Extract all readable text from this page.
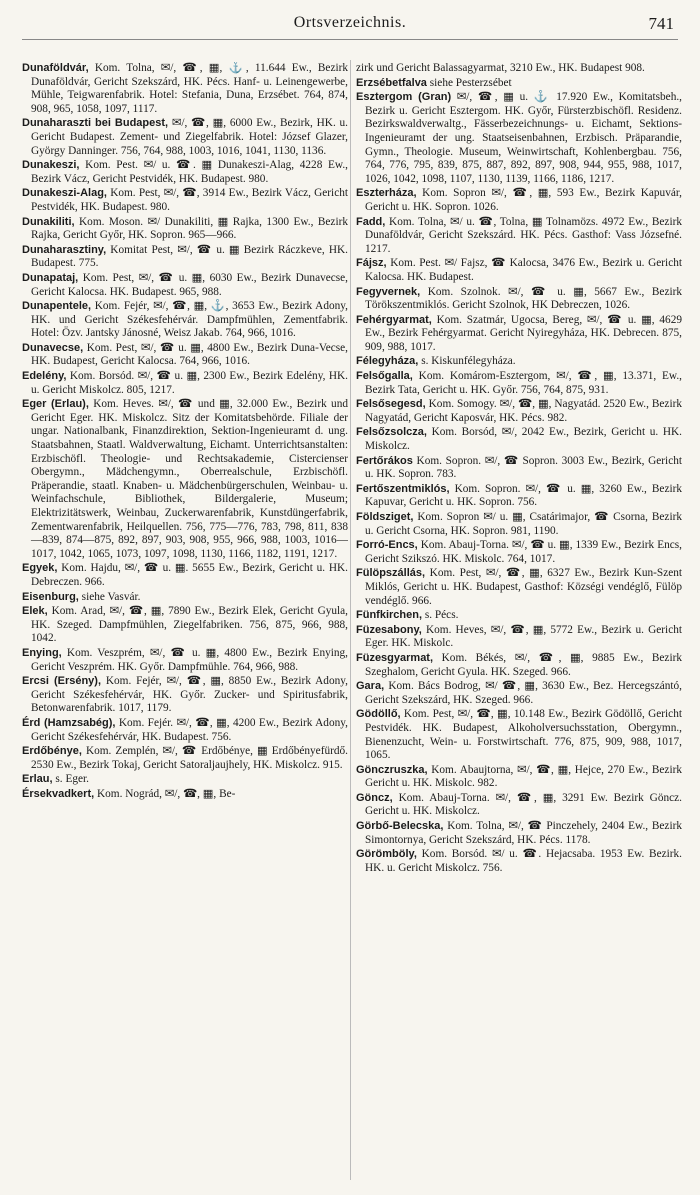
Ortsverzeichnis.	741

Dunaföldvár, Kom. Tolna, ✉/, ☎, ▦, ⚓, 11.644 Ew., Bezirk Dunaföldvár, Gericht Szekszárd, HK. Pécs. Hanf- u. Leinengewerbe, Mühle, Teigwarenfabrik. Hotel: Stefania, Duna, Erzsébet. 764, 874, 908, 965, 1058, 1097, 1117.

Dunaharaszti bei Budapest, ✉/, ☎, ▦, 6000 Ew., Bezirk, HK. u. Gericht Budapest. Zement- und Ziegelfabrik. Hotel: József Glazer, György Danninger. 756, 764, 988, 1003, 1016, 1041, 1130, 1136.

Dunakeszi, Kom. Pest. ✉/ u. ☎. ▦ Dunakeszi-Alag, 4228 Ew., Bezirk Vácz, Gericht Pestvidék, HK. Budapest. 980.

Dunakeszi-Alag, Kom. Pest, ✉/, ☎, 3914 Ew., Bezirk Vácz, Gericht Pestvidék, HK. Budapest. 980.

Dunakiliti, Kom. Moson. ✉/ Dunakiliti, ▦ Rajka, 1300 Ew., Bezirk Rajka, Gericht Győr, HK. Sopron. 965—966.

Dunaharasztiny, Komitat Pest, ✉/, ☎ u. ▦ Bezirk Ráczkeve, HK. Budapest. 775.

Dunapataj, Kom. Pest, ✉/, ☎ u. ▦, 6030 Ew., Bezirk Dunavecse, Gericht Kalocsa. HK. Budapest. 965, 988.

Dunapentele, Kom. Fejér, ✉/, ☎, ▦, ⚓, 3653 Ew., Bezirk Adony, HK. und Gericht Székesfehérvár. Dampfmühlen, Zementfabrik. Hotel: Özv. Jantsky Jánosné, Weisz Jakab. 764, 966, 1016.

Dunavecse, Kom. Pest, ✉/, ☎ u. ▦, 4800 Ew., Bezirk Duna-Vecse, HK. Budapest, Gericht Kalocsa. 764, 966, 1016.

Edelény, Kom. Borsód. ✉/, ☎ u. ▦, 2300 Ew., Bezirk Edelény, HK. u. Gericht Miskolcz. 805, 1217.

Eger (Erlau), Kom. Heves. ✉/, ☎ und ▦, 32.000 Ew., Bezirk und Gericht Eger. HK. Miskolcz. Sitz der Komitatsbehörde. Filiale der ungar. Nationalbank, Finanzdirektion, Sektion-Ingenieuramt d. ung. Staatsbahnen, Staatl. Waldverwaltung, Eichamt. Unterrichtsanstalten: Erzbischöfl. Theologie- und Rechtsakademie, Cistercienser Obergymn., Mädchengymn., Oberrealschule, Erzbischöfl. Präperandie, staatl. Knaben- u. Mädchenbürgerschulen, Weinbau- u. Weinfachschule, Bibliothek, Bildergalerie, Museum; Elektrizitätswerk, Weinbau, Zuckerwarenfabrik, Kunstdüngerfabrik, Zementwarenfabrik, Heilquellen. 756, 775—776, 783, 798, 811, 838—839, 874—875, 892, 897, 903, 908, 955, 966, 988, 1003, 1016—1017, 1042, 1065, 1073, 1097, 1098, 1130, 1166, 1182, 1191, 1217.

Egyek, Kom. Hajdu, ✉/, ☎ u. ▦. 5655 Ew., Bezirk, Gericht u. HK. Debreczen. 966.

Eisenburg, siehe Vasvár.

Elek, Kom. Arad, ✉/, ☎, ▦, 7890 Ew., Bezirk Elek, Gericht Gyula, HK. Szeged. Dampfmühlen, Ziegelfabriken. 756, 875, 966, 988, 1042.

Enying, Kom. Veszprém, ✉/, ☎ u. ▦, 4800 Ew., Bezirk Enying, Gericht Veszprém. HK. Győr. Dampfmühle. 764, 966, 988.

Ercsi (Ersény), Kom. Fejér, ✉/, ☎, ▦, 8850 Ew., Bezirk Adony, Gericht Székesfehérvár, HK. Győr. Zucker- und Spiritusfabrik, Betonwarenfabrik. 1017, 1179.

Érd (Hamzsabég), Kom. Fejér. ✉/, ☎, ▦, 4200 Ew., Bezirk Adony, Gericht Székesfehérvár, HK. Budapest. 756.

Erdőbénye, Kom. Zemplén, ✉/, ☎ Erdőbénye, ▦ Erdőbényefürdő. 2530 Ew., Bezirk Tokaj, Gericht Satoraljaujhely, HK. Miskolcz. 915.

Erlau, s. Eger.

Érsekvadkert, Kom. Nográd, ✉/, ☎, ▦, Be-

zirk und Gericht Balassagyarmat, 3210 Ew., HK. Budapest 908.

Erzsébetfalva siehe Pesterzsébet

Esztergom (Gran) ✉/, ☎, ▦ u. ⚓ 17.920 Ew., Komitatsbeh., Bezirk u. Gericht Esztergom. HK. Győr, Fürsterzbischöfl. Residenz. Bezirkswaldverwaltg., Fässerbezeichnungs- u. Eichamt, Sektions-Ingenieuramt der ung. Staatseisenbahnen, Erzbisch. Präparandie, Gymn., Theologie. Museum, Weinwirtschaft, Kohlenbergbau. 756, 764, 776, 795, 839, 875, 887, 892, 897, 908, 944, 955, 988, 1017, 1026, 1042, 1098, 1107, 1130, 1139, 1166, 1186, 1217.

Eszterháza, Kom. Sopron ✉/, ☎, ▦, 593 Ew., Bezirk Kapuvár, Gericht u. HK. Sopron. 1026.

Fadd, Kom. Tolna, ✉/ u. ☎, Tolna, ▦ Tolnamözs. 4972 Ew., Bezirk Dunaföldvár, Gericht Szekszárd. HK. Pécs. Gasthof: Vass Józsefné. 1217.

Fájsz, Kom. Pest. ✉/ Fajsz, ☎ Kalocsa, 3476 Ew., Bezirk u. Gericht Kalocsa. HK. Budapest.

Fegyvernek, Kom. Szolnok. ✉/, ☎ u. ▦, 5667 Ew., Bezirk Törökszentmiklós. Gericht Szolnok, HK Debreczen, 1026.

Fehérgyarmat, Kom. Szatmár, Ugocsa, Bereg, ✉/, ☎ u. ▦, 4629 Ew., Bezirk Fehérgyarmat. Gericht Nyiregyháza, HK. Debrecen. 875, 909, 988, 1017.

Félegyháza, s. Kiskunfélegyháza.

Felsőgalla, Kom. Komárom-Esztergom, ✉/, ☎, ▦, 13.371, Ew., Bezirk Tata, Gericht u. HK. Győr. 756, 764, 875, 931.

Felsősegesd, Kom. Somogy. ✉/, ☎, ▦, Nagyatád. 2520 Ew., Bezirk Nagyatád, Gericht Kaposvár, HK. Pécs. 982.

Felsőzsolcza, Kom. Borsód, ✉/, 2042 Ew., Bezirk, Gericht u. HK. Miskolcz.

Fertőrákos Kom. Sopron. ✉/, ☎ Sopron. 3003 Ew., Bezirk, Gericht u. HK. Sopron. 783.

Fertőszentmiklós, Kom. Sopron. ✉/, ☎ u. ▦, 3260 Ew., Bezirk Kapuvar, Gericht u. HK. Sopron. 756.

Földsziget, Kom. Sopron ✉/ u. ▦, Csatárimajor, ☎ Csorna, Bezirk u. Gericht Csorna, HK. Sopron. 981, 1190.

Forró-Encs, Kom. Abauj-Torna. ✉/, ☎ u. ▦, 1339 Ew., Bezirk Encs, Gericht Szikszó. HK. Miskolc. 764, 1017.

Fülöpszállás, Kom. Pest, ✉/, ☎, ▦, 6327 Ew., Bezirk Kun-Szent Miklós, Gericht u. HK. Budapest, Gasthof: Községi vendéglő, Fülöp vendéglő. 966.

Fünfkirchen, s. Pécs.

Füzesabony, Kom. Heves, ✉/, ☎, ▦, 5772 Ew., Bezirk u. Gericht Eger. HK. Miskolc.

Füzesgyarmat, Kom. Békés, ✉/, ☎, ▦, 9885 Ew., Bezirk Szeghalom, Gericht Gyula. HK. Szeged. 966.

Gara, Kom. Bács Bodrog, ✉/ ☎, ▦, 3630 Ew., Bez. Hercegszántó, Gericht Szekszárd, HK. Szeged. 966.

Gödöllő, Kom. Pest, ✉/, ☎, ▦, 10.148 Ew., Bezirk Gödöllő, Gericht Pestvidék. HK. Budapest, Alkoholversuchsstation, Obergymn., Bienenzucht, Wein- u. Forstwirtschaft. 776, 875, 909, 988, 1017, 1065.

Gönczruszka, Kom. Abaujtorna, ✉/, ☎, ▦, Hejce, 270 Ew., Bezirk Gericht u. HK. Miskolc. 982.

Göncz, Kom. Abauj-Torna. ✉/, ☎, ▦, 3291 Ew. Bezirk Göncz. Gericht u. HK. Miskolcz.

Görbő-Belecska, Kom. Tolna, ✉/, ☎ Pinczehely, 2404 Ew., Bezirk Simontornya, Gericht Szekszárd, HK. Pécs. 1178.

Görömböly, Kom. Borsód. ✉/ u. ☎. Hejacsaba. 1953 Ew. Bezirk. HK. u. Gericht Miskolcz. 756.
